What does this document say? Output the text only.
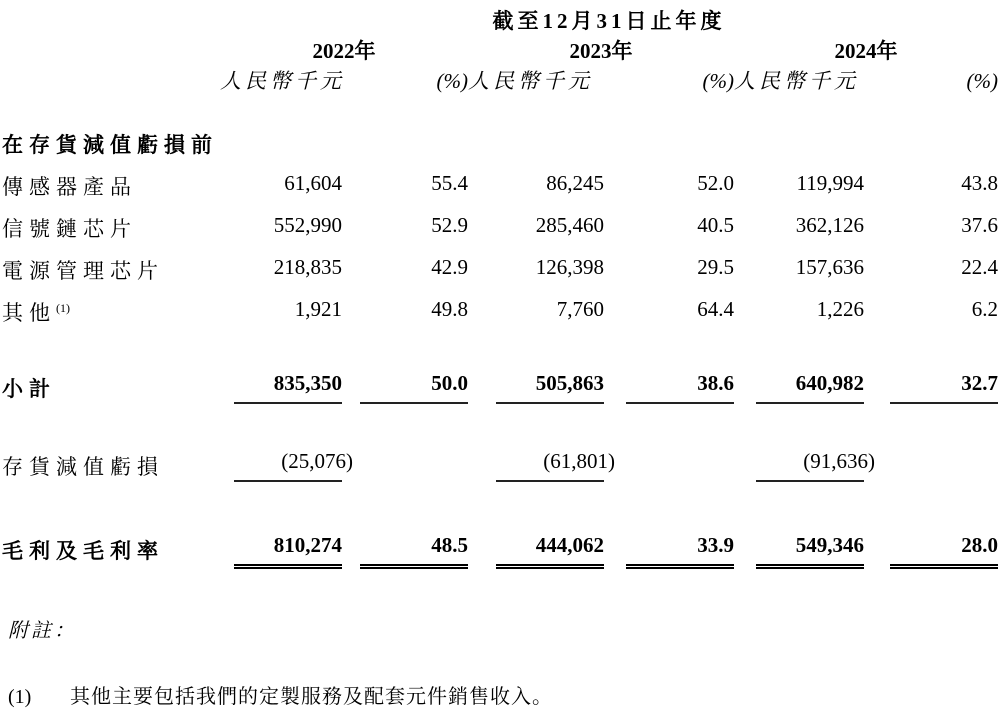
	截至12月31日止年度					
	2022年		2023年		2024年	
	人民幣千元	(%)	人民幣千元	(%)	人民幣千元	(%)
在存貨減值虧損前						
傳感器產品	61,604	55.4	86,245	52.0	119,994	43.8
信號鏈芯片	552,990	52.9	285,460	40.5	362,126	37.6
電源管理芯片	218,835	42.9	126,398	29.5	157,636	22.4
其他$^{(1)}$	1,921	49.8	7,760	64.4	1,226	6.2
小計	835,350	50.0	505,863	38.6	640,982	32.7
存貨減值虧損	(25,076)		(61,801)		(91,636)	
毛利及毛利率	810,274	48.5	444,062	33.9	549,346	28.0
附註：
(1)	其他主要包括我們的定製服務及配套元件銷售收入。
